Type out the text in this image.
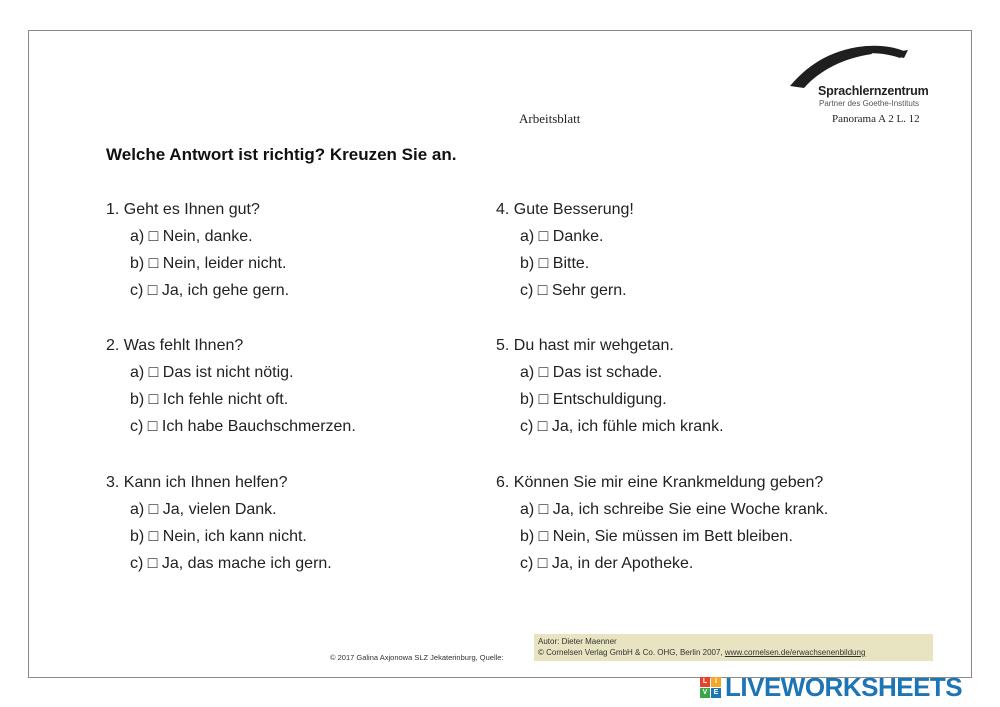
Sprachlernzentrum
Partner des Goethe-Instituts
Arbeitsblatt	Panorama A 2 L. 12
Welche Antwort ist richtig? Kreuzen Sie an.
1. Geht es Ihnen gut?
a) □ Nein, danke.
b) □ Nein, leider nicht.
c) □ Ja, ich gehe gern.
2. Was fehlt Ihnen?
a) □ Das ist nicht nötig.
b) □ Ich fehle nicht oft.
c) □ Ich habe Bauchschmerzen.
3. Kann ich Ihnen helfen?
a) □ Ja, vielen Dank.
b) □ Nein, ich kann nicht.
c) □ Ja, das mache ich gern.
4. Gute Besserung!
a) □ Danke.
b) □ Bitte.
c) □ Sehr gern.
5. Du hast mir wehgetan.
a) □ Das ist schade.
b) □ Entschuldigung.
c) □ Ja, ich fühle mich krank.
6. Können Sie mir eine Krankmeldung geben?
a) □ Ja, ich schreibe Sie eine Woche krank.
b) □ Nein, Sie müssen im Bett bleiben.
c) □ Ja, in der Apotheke.
© 2017 Galina Axjonowa SLZ Jekaterinburg, Quelle:
Autor: Dieter Maenner
© Cornelsen Verlag GmbH & Co. OHG, Berlin 2007, www.cornelsen.de/erwachsenenbildung
L	I
V E LIVEWORKSHEETS
